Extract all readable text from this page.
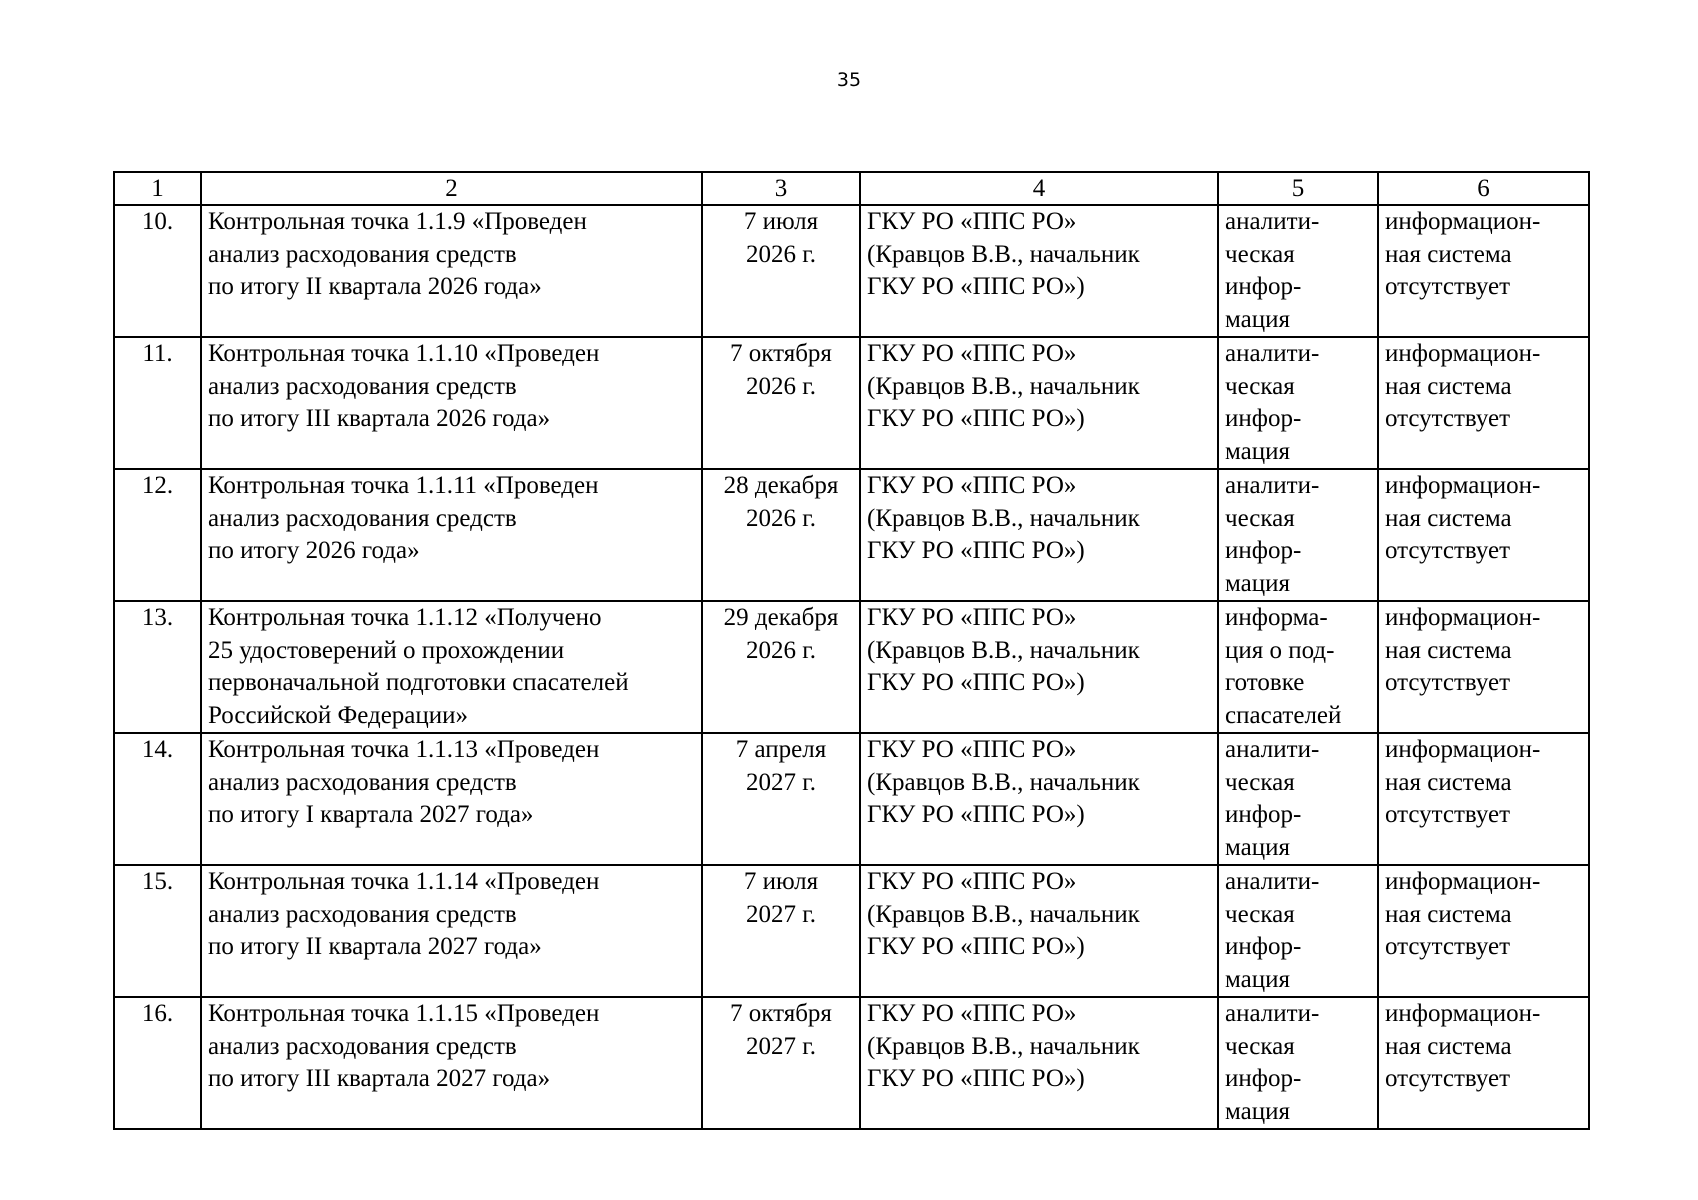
35
1	2	3	4	5	6
10.	Контрольная точка 1.1.9 «Проведен
анализ расходования средств
по итогу II квартала 2026 года»	7 июля
2026 г.	ГКУ РО «ППС РО»
(Кравцов В.В., начальник
ГКУ РО «ППС РО»)	аналити-
ческая
инфор-
мация	информацион-
ная система
отсутствует

11.	Контрольная точка 1.1.10 «Проведен
анализ расходования средств
по итогу III квартала 2026 года»	7 октября
2026 г.	ГКУ РО «ППС РО»
(Кравцов В.В., начальник
ГКУ РО «ППС РО»)	аналити-
ческая
инфор-
мация	информацион-
ная система
отсутствует

12.	Контрольная точка 1.1.11 «Проведен
анализ расходования средств
по итогу 2026 года»	28 декабря
2026 г.	ГКУ РО «ППС РО»
(Кравцов В.В., начальник
ГКУ РО «ППС РО»)	аналити-
ческая
инфор-
мация	информацион-
ная система
отсутствует

13.	Контрольная точка 1.1.12 «Получено
25 удостоверений о прохождении
первоначальной подготовки спасателей
Российской Федерации»	29 декабря
2026 г.	ГКУ РО «ППС РО»
(Кравцов В.В., начальник
ГКУ РО «ППС РО»)	информа-
ция о под-
готовке
спасателей	информацион-
ная система
отсутствует

14.	Контрольная точка 1.1.13 «Проведен
анализ расходования средств
по итогу I квартала 2027 года»	7 апреля
2027 г.	ГКУ РО «ППС РО»
(Кравцов В.В., начальник
ГКУ РО «ППС РО»)	аналити-
ческая
инфор-
мация	информацион-
ная система
отсутствует

15.	Контрольная точка 1.1.14 «Проведен
анализ расходования средств
по итогу II квартала 2027 года»	7 июля
2027 г.	ГКУ РО «ППС РО»
(Кравцов В.В., начальник
ГКУ РО «ППС РО»)	аналити-
ческая
инфор-
мация	информацион-
ная система
отсутствует

16.	Контрольная точка 1.1.15 «Проведен
анализ расходования средств
по итогу III квартала 2027 года»	7 октября
2027 г.	ГКУ РО «ППС РО»
(Кравцов В.В., начальник
ГКУ РО «ППС РО»)	аналити-
ческая
инфор-
мация	информацион-
ная система
отсутствует
